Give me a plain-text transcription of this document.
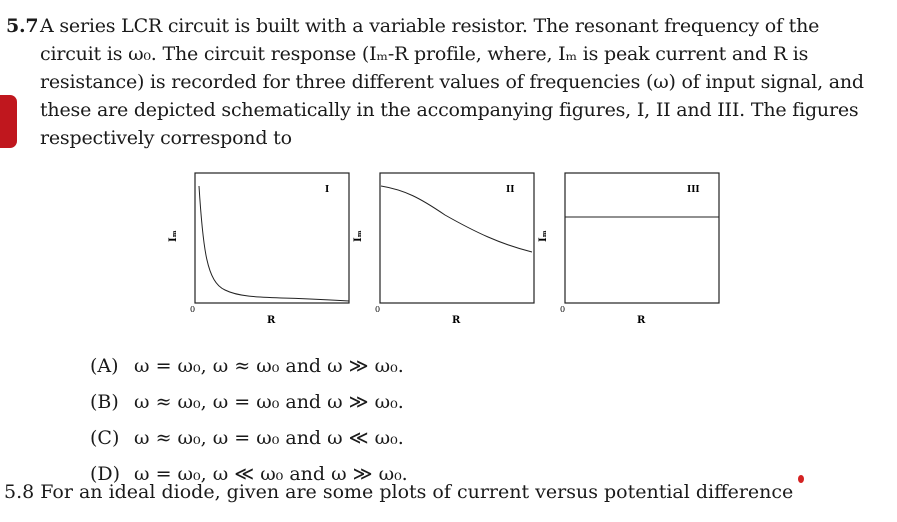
5.7 A series LCR circuit is built with a variable resistor. The resonant frequency of the
circuit is ω₀. The circuit response (Iₘ-R profile, where, Iₘ is peak current and R is
resistance) is recorded for three different values of frequencies (ω) of input signal, and
these are depicted schematically in the accompanying figures, I, II and III. The figures
respectively correspond to
I
Iₘ
R
0
II
Iₘ
R
0
III
Iₘ
R
0
(A) ω = ω₀, ω ≈ ω₀ and ω ≫ ω₀.
(B) ω ≈ ω₀, ω = ω₀ and ω ≫ ω₀.
(C) ω ≈ ω₀, ω = ω₀ and ω ≪ ω₀.
(D) ω = ω₀, ω ≪ ω₀ and ω ≫ ω₀.
5.8 For an ideal diode, given are some plots of current versus potential difference
